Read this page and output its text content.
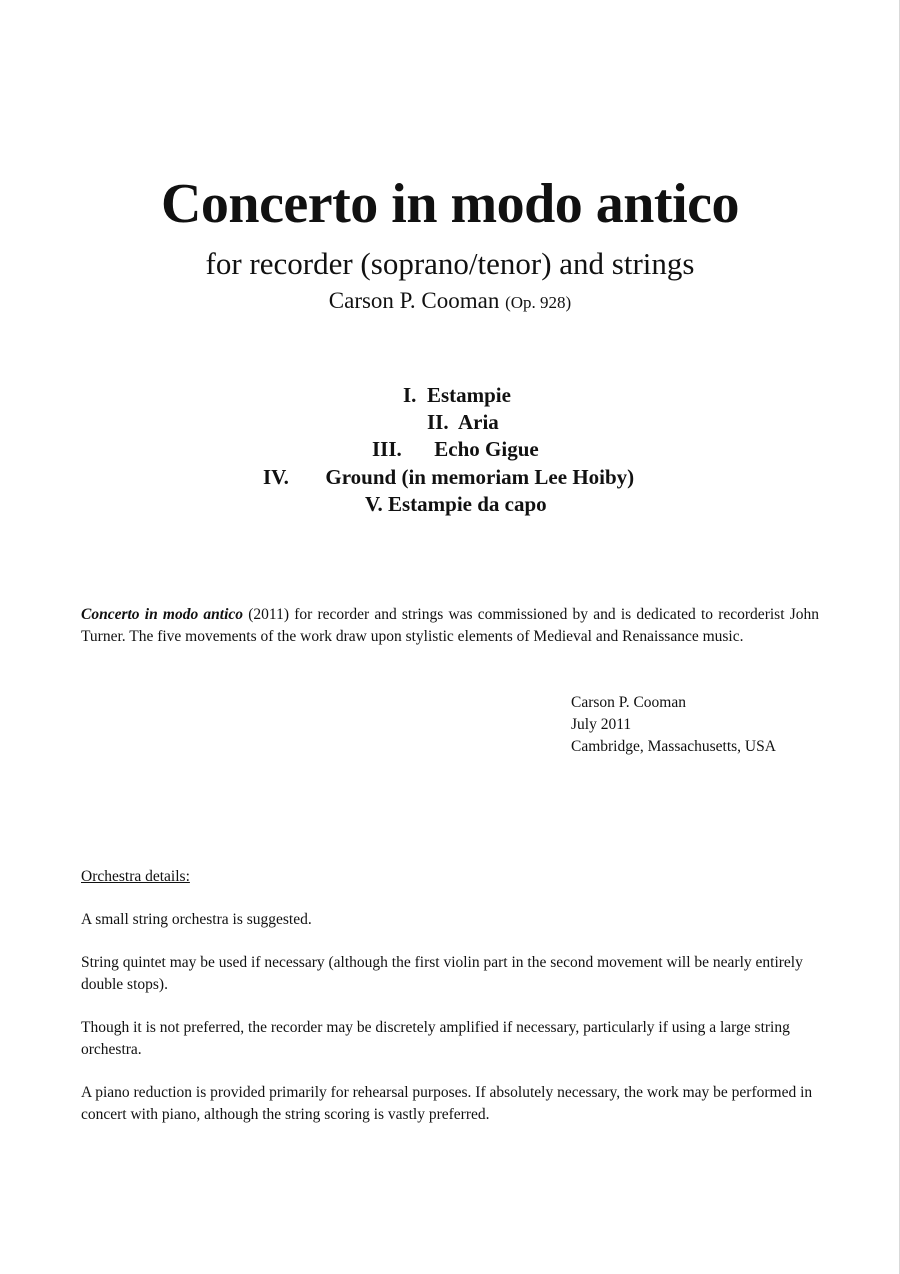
Concerto in modo antico
for recorder (soprano/tenor) and strings
Carson P. Cooman (Op. 928)
I. Estampie
II. Aria
III. Echo Gigue
IV. Ground (in memoriam Lee Hoiby)
V. Estampie da capo
Concerto in modo antico (2011) for recorder and strings was commissioned by and is dedicated to recorderist John Turner. The five movements of the work draw upon stylistic elements of Medieval and Renaissance music.
Carson P. Cooman
July 2011
Cambridge, Massachusetts, USA
Orchestra details:

A small string orchestra is suggested.

String quintet may be used if necessary (although the first violin part in the second movement will be nearly entirely double stops).

Though it is not preferred, the recorder may be discretely amplified if necessary, particularly if using a large string orchestra.

A piano reduction is provided primarily for rehearsal purposes. If absolutely necessary, the work may be performed in concert with piano, although the string scoring is vastly preferred.
